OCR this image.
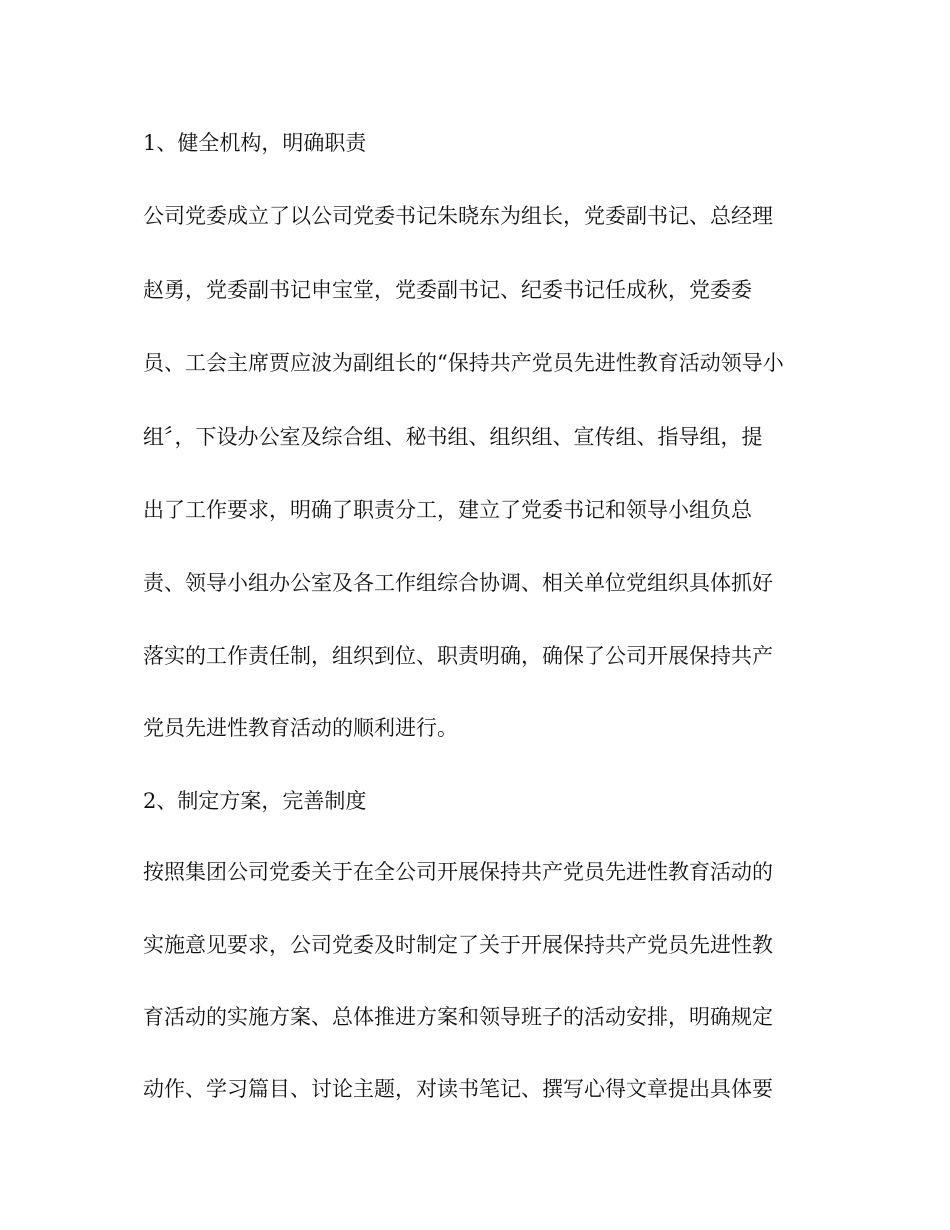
1、健全机构，明确职责
公司党委成立了以公司党委书记朱晓东为组长，党委副书记、总经理
赵勇，党委副书记申宝堂，党委副书记、纪委书记任成秋，党委委
员、工会主席贾应波为副组长的“保持共产党员先进性教育活动领导小
组〞，下设办公室及综合组、秘书组、组织组、宣传组、指导组，提
出了工作要求，明确了职责分工，建立了党委书记和领导小组负总
责、领导小组办公室及各工作组综合协调、相关单位党组织具体抓好
落实的工作责任制，组织到位、职责明确，确保了公司开展保持共产
党员先进性教育活动的顺利进行。
2、制定方案，完善制度
按照集团公司党委关于在全公司开展保持共产党员先进性教育活动的
实施意见要求，公司党委及时制定了关于开展保持共产党员先进性教
育活动的实施方案、总体推进方案和领导班子的活动安排，明确规定
动作、学习篇目、讨论主题，对读书笔记、撰写心得文章提出具体要
